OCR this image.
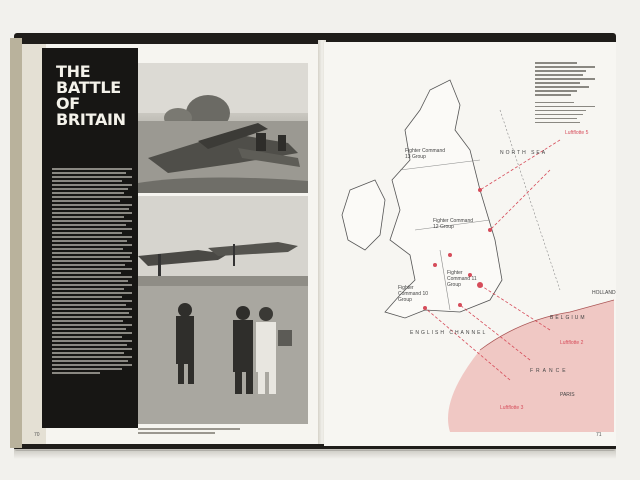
THE BATTLE
OF BRITAIN
70
Fighter Command 13 Group
Fighter Command 12 Group
Fighter Command 11 Group
Fighter Command 10 Group
Luftflotte 5
Luftflotte 2
Luftflotte 3
ENGLISH CHANNEL
NORTH SEA
BELGIUM
FRANCE
PARIS
HOLLAND
71
